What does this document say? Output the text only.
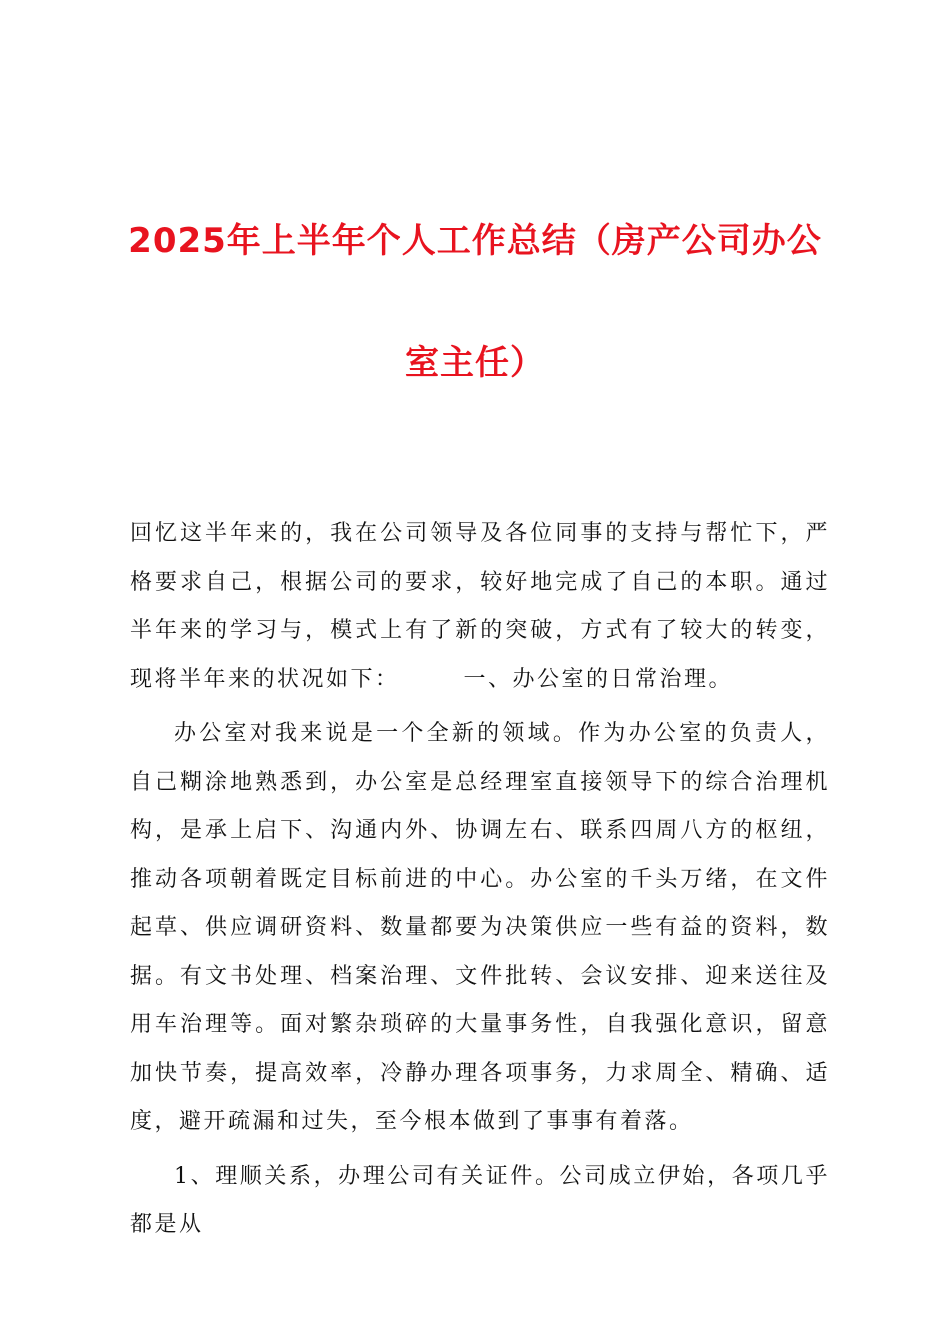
2025年上半年个人工作总结（房产公司办公
室主任）

回忆这半年来的，我在公司领导及各位同事的支持与帮忙下，严格要求自己，根据公司的要求，较好地完成了自己的本职。通过半年来的学习与，模式上有了新的突破，方式有了较大的转变，现将半年来的状况如下：	一、办公室的日常治理。

办公室对我来说是一个全新的领域。作为办公室的负责人，自己糊涂地熟悉到，办公室是总经理室直接领导下的综合治理机构，是承上启下、沟通内外、协调左右、联系四周八方的枢纽，推动各项朝着既定目标前进的中心。办公室的千头万绪，在文件起草、供应调研资料、数量都要为决策供应一些有益的资料，数据。有文书处理、档案治理、文件批转、会议安排、迎来送往及用车治理等。面对繁杂琐碎的大量事务性，自我强化意识，留意加快节奏，提高效率，冷静办理各项事务，力求周全、精确、适度，避开疏漏和过失，至今根本做到了事事有着落。

1、理顺关系，办理公司有关证件。公司成立伊始，各项几乎都是从
